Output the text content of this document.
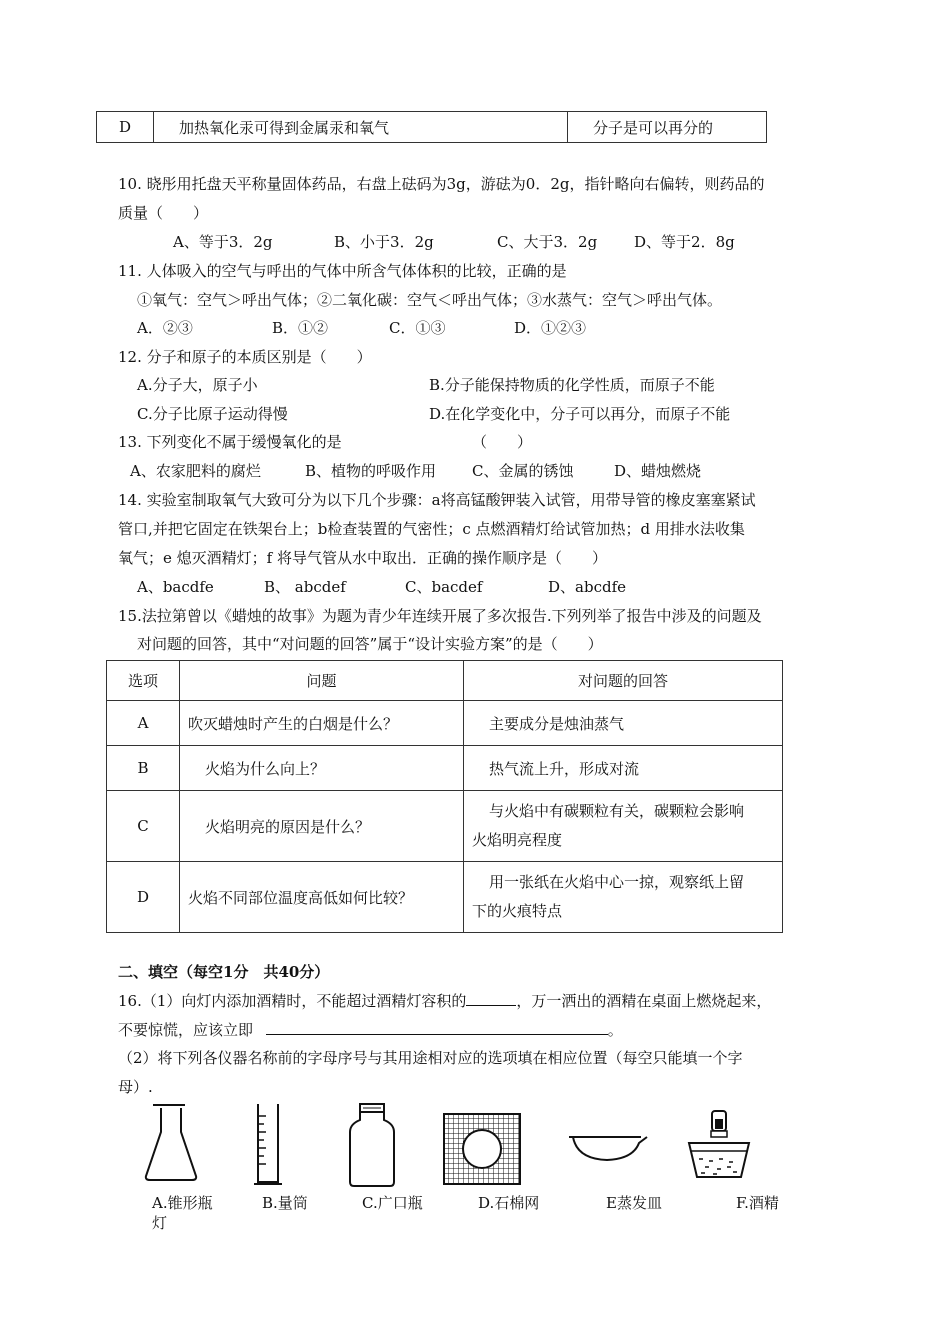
D	加热氧化汞可得到金属汞和氧气	分子是可以再分的
10. 晓彤用托盘天平称量固体药品，右盘上砝码为3g，游砝为0．2g，指针略向右偏转，则药品的
质量（　　）
A、等于3．2g	B、小于3．2g	C、大于3．2g D、等于2．8g
11. 人体吸入的空气与呼出的气体中所含气体体积的比较，正确的是
①氧气：空气＞呼出气体；②二氧化碳：空气＜呼出气体；③水蒸气：空气＞呼出气体。
A．②③	B．①②	C．①③	D．①②③
12. 分子和原子的本质区别是（　　）
A.分子大，原子小	B.分子能保持物质的化学性质，而原子不能
C.分子比原子运动得慢	D.在化学变化中，分子可以再分，而原子不能
13. 下列变化不属于缓慢氧化的是	（　　）
A、农家肥料的腐烂	B、植物的呼吸作用 C、金属的锈蚀	D、蜡烛燃烧
14. 实验室制取氧气大致可分为以下几个步骤：a将高锰酸钾装入试管，用带导管的橡皮塞塞紧试
管口,并把它固定在铁架台上；b检查装置的气密性；c 点燃酒精灯给试管加热；d 用排水法收集
氧气；e 熄灭酒精灯；f 将导气管从水中取出．正确的操作顺序是（　　）
A、bacdfe	B、 abcdef	C、bacdef	D、abcdfe
15.法拉第曾以《蜡烛的故事》为题为青少年连续开展了多次报告.下列列举了报告中涉及的问题及
对问题的回答，其中“对问题的回答”属于“设计实验方案”的是（　　）
选项	问题	对问题的回答
A	吹灭蜡烛时产生的白烟是什么？	主要成分是烛油蒸气
B	火焰为什么向上？	热气流上升，形成对流
C	火焰明亮的原因是什么？	与火焰中有碳颗粒有关，碳颗粒会影响
火焰明亮程度

D	火焰不同部位温度高低如何比较？	用一张纸在火焰中心一掠，观察纸上留
下的火痕特点
二、填空（每空1分　共40分）
16.（1）向灯内添加酒精时，不能超过酒精灯容积的	，万一洒出的酒精在桌面上燃烧起来，
不要惊慌，应该立即	。
（2）将下列各仪器名称前的字母序号与其用途相对应的选项填在相应位置（每空只能填一个字
母）.
A.锥形瓶
灯
B.量筒	C.广口瓶	D.石棉网	E蒸发皿	F.酒精
